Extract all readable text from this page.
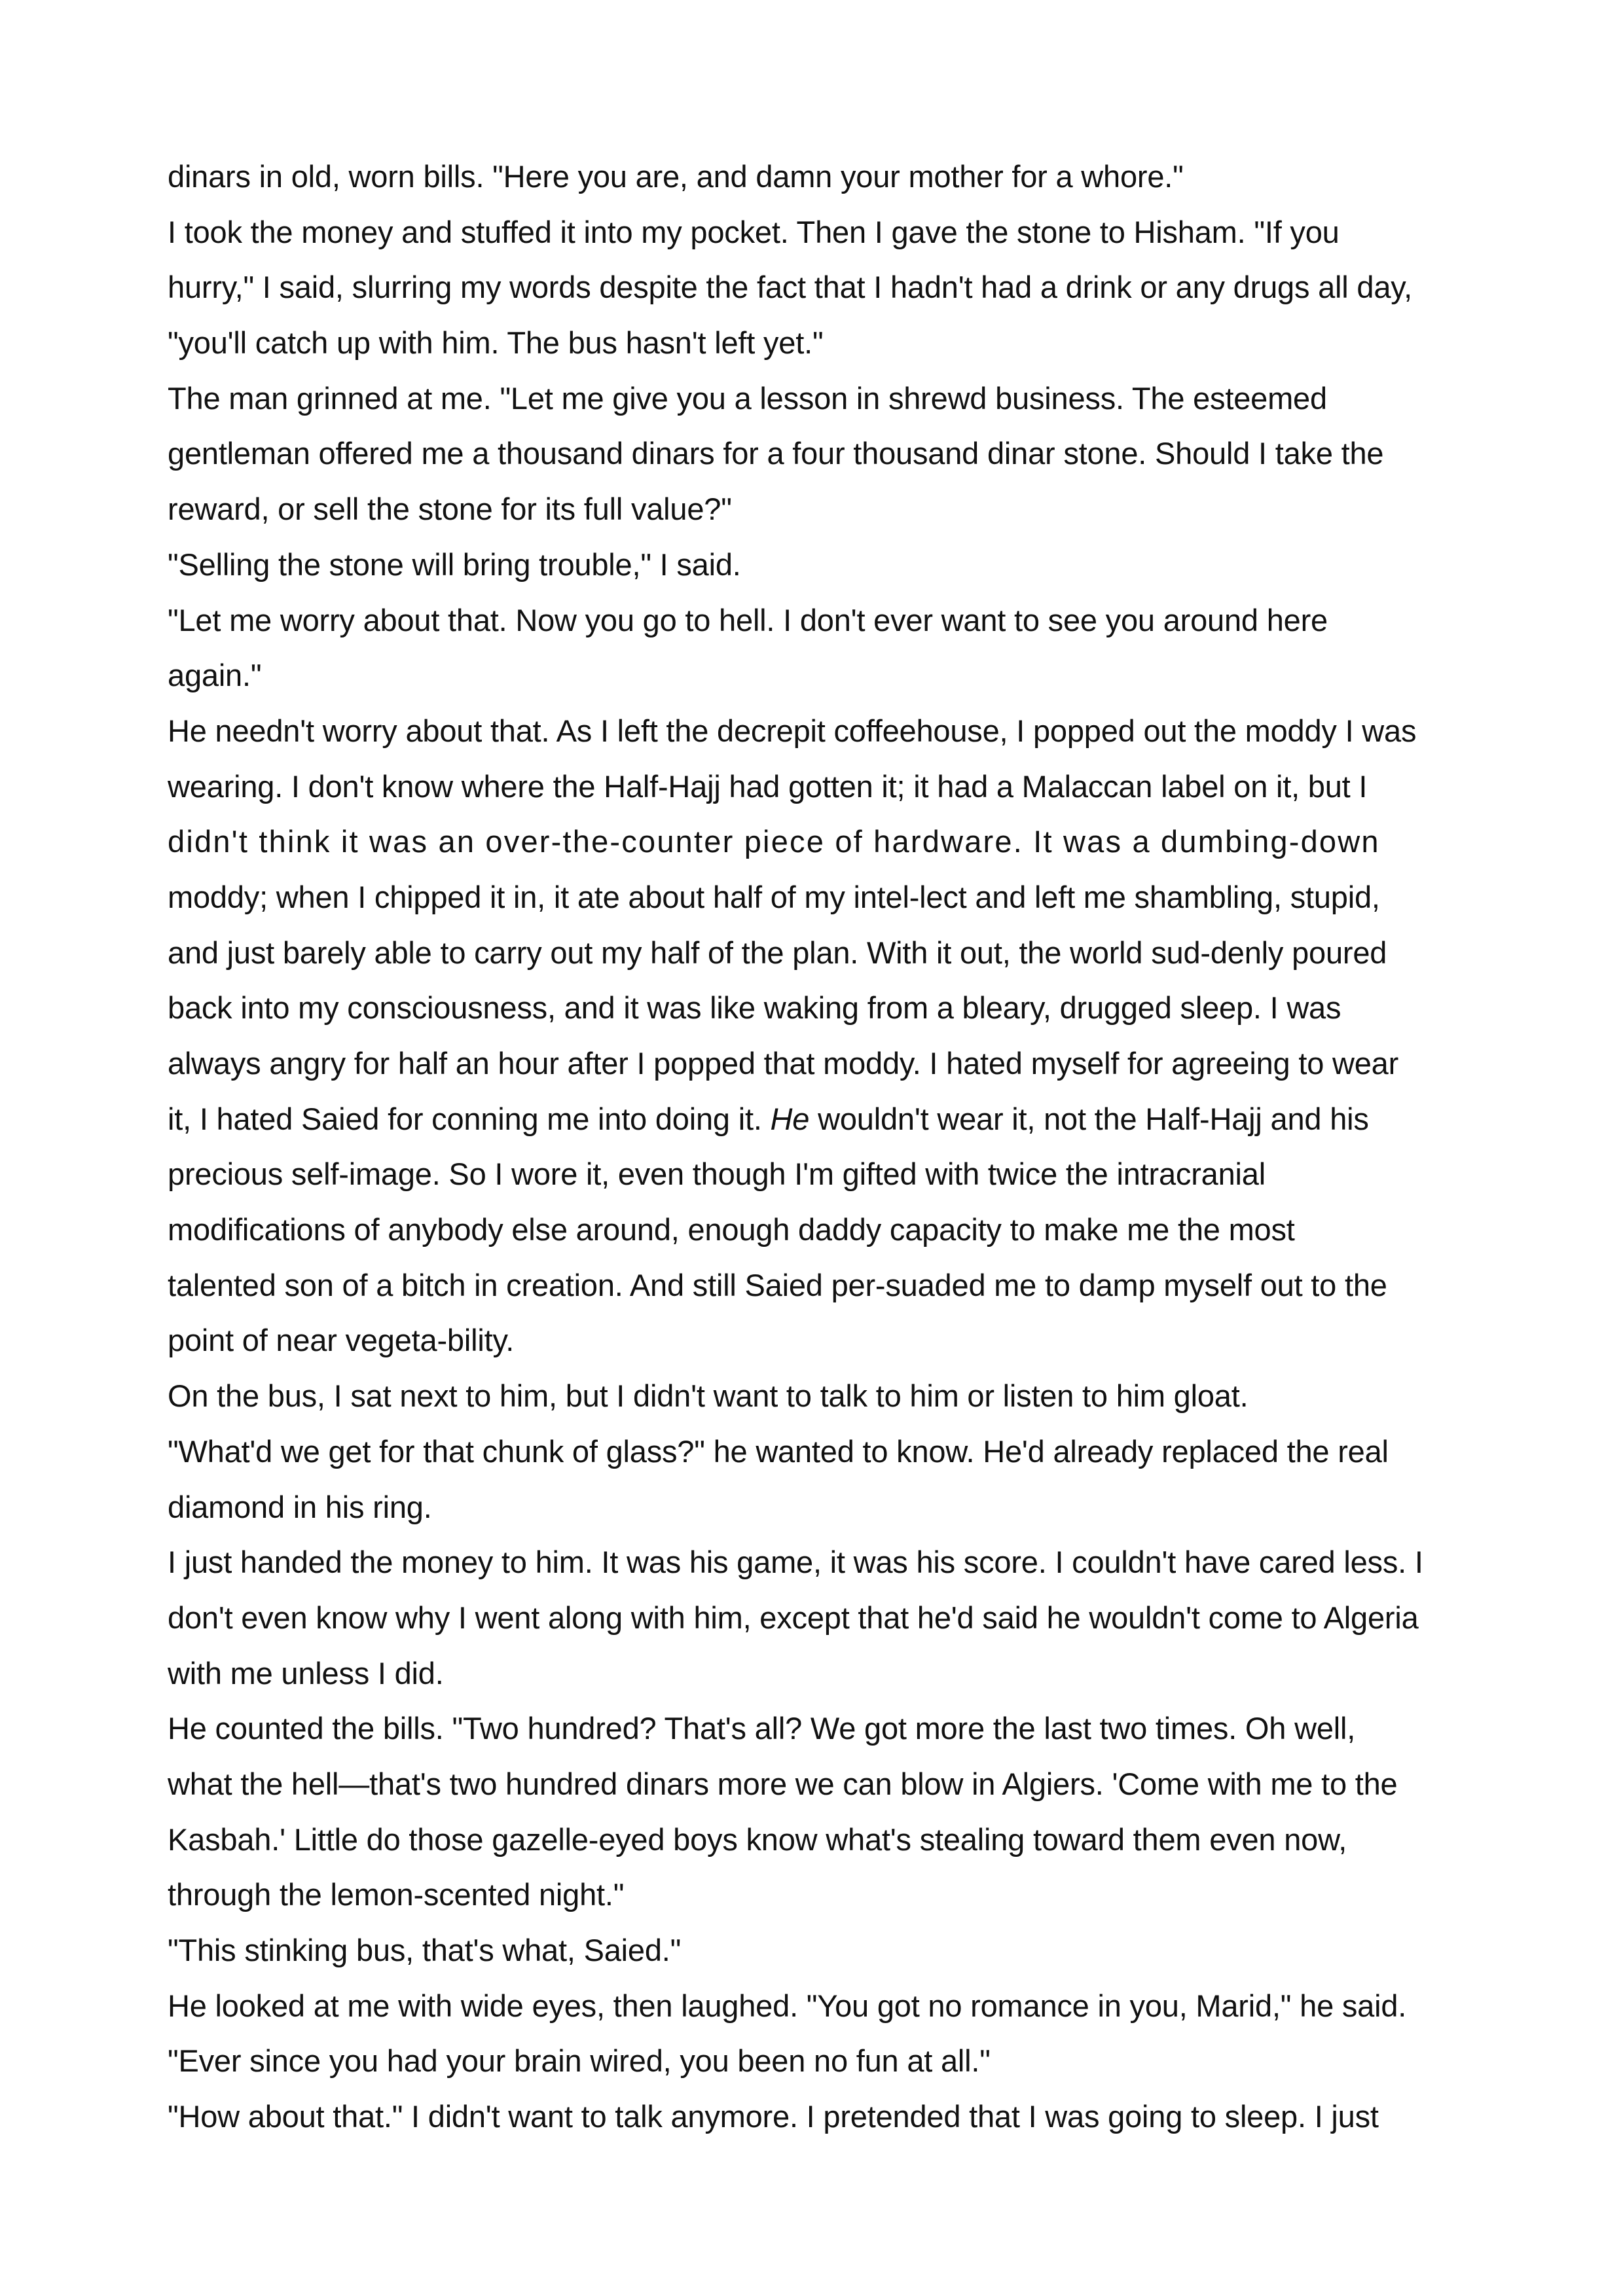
dinars in old, worn bills. "Here you are, and damn your mother for a whore."
I took the money and stuffed it into my pocket. Then I gave the stone to Hisham. "If you
hurry," I said, slurring my words despite the fact that I hadn't had a drink or any drugs all day,
"you'll catch up with him. The bus hasn't left yet."
The man grinned at me. "Let me give you a lesson in shrewd business. The esteemed
gentleman offered me a thousand dinars for a four thousand dinar stone. Should I take the
reward, or sell the stone for its full value?"
"Selling the stone will bring trouble," I said.
"Let me worry about that. Now you go to hell. I don't ever want to see you around here
again."
He needn't worry about that. As I left the decrepit coffeehouse, I popped out the moddy I was
wearing. I don't know where the Half-Hajj had gotten it; it had a Malaccan label on it, but I
didn't think it was an over-the-counter piece of hardware. It was a dumbing-down
moddy; when I chipped it in, it ate about half of my intel-lect and left me shambling, stupid,
and just barely able to carry out my half of the plan. With it out, the world sud-denly poured
back into my consciousness, and it was like waking from a bleary, drugged sleep. I was
always angry for half an hour after I popped that moddy. I hated myself for agreeing to wear
it, I hated Saied for conning me into doing it. He wouldn't wear it, not the Half-Hajj and his
precious self-image. So I wore it, even though I'm gifted with twice the intracranial
modifications of anybody else around, enough daddy capacity to make me the most
talented son of a bitch in creation. And still Saied per-suaded me to damp myself out to the
point of near vegeta-bility.
On the bus, I sat next to him, but I didn't want to talk to him or listen to him gloat.
"What'd we get for that chunk of glass?" he wanted to know. He'd already replaced the real
diamond in his ring.
I just handed the money to him. It was his game, it was his score. I couldn't have cared less. I
don't even know why I went along with him, except that he'd said he wouldn't come to Algeria
with me unless I did.
He counted the bills. "Two hundred? That's all? We got more the last two times. Oh well,
what the hell—that's two hundred dinars more we can blow in Algiers. 'Come with me to the
Kasbah.' Little do those gazelle-eyed boys know what's stealing toward them even now,
through the lemon-scented night."
"This stinking bus, that's what, Saied."
He looked at me with wide eyes, then laughed. "You got no romance in you, Marid," he said.
"Ever since you had your brain wired, you been no fun at all."
"How about that." I didn't want to talk anymore. I pretended that I was going to sleep. I just
